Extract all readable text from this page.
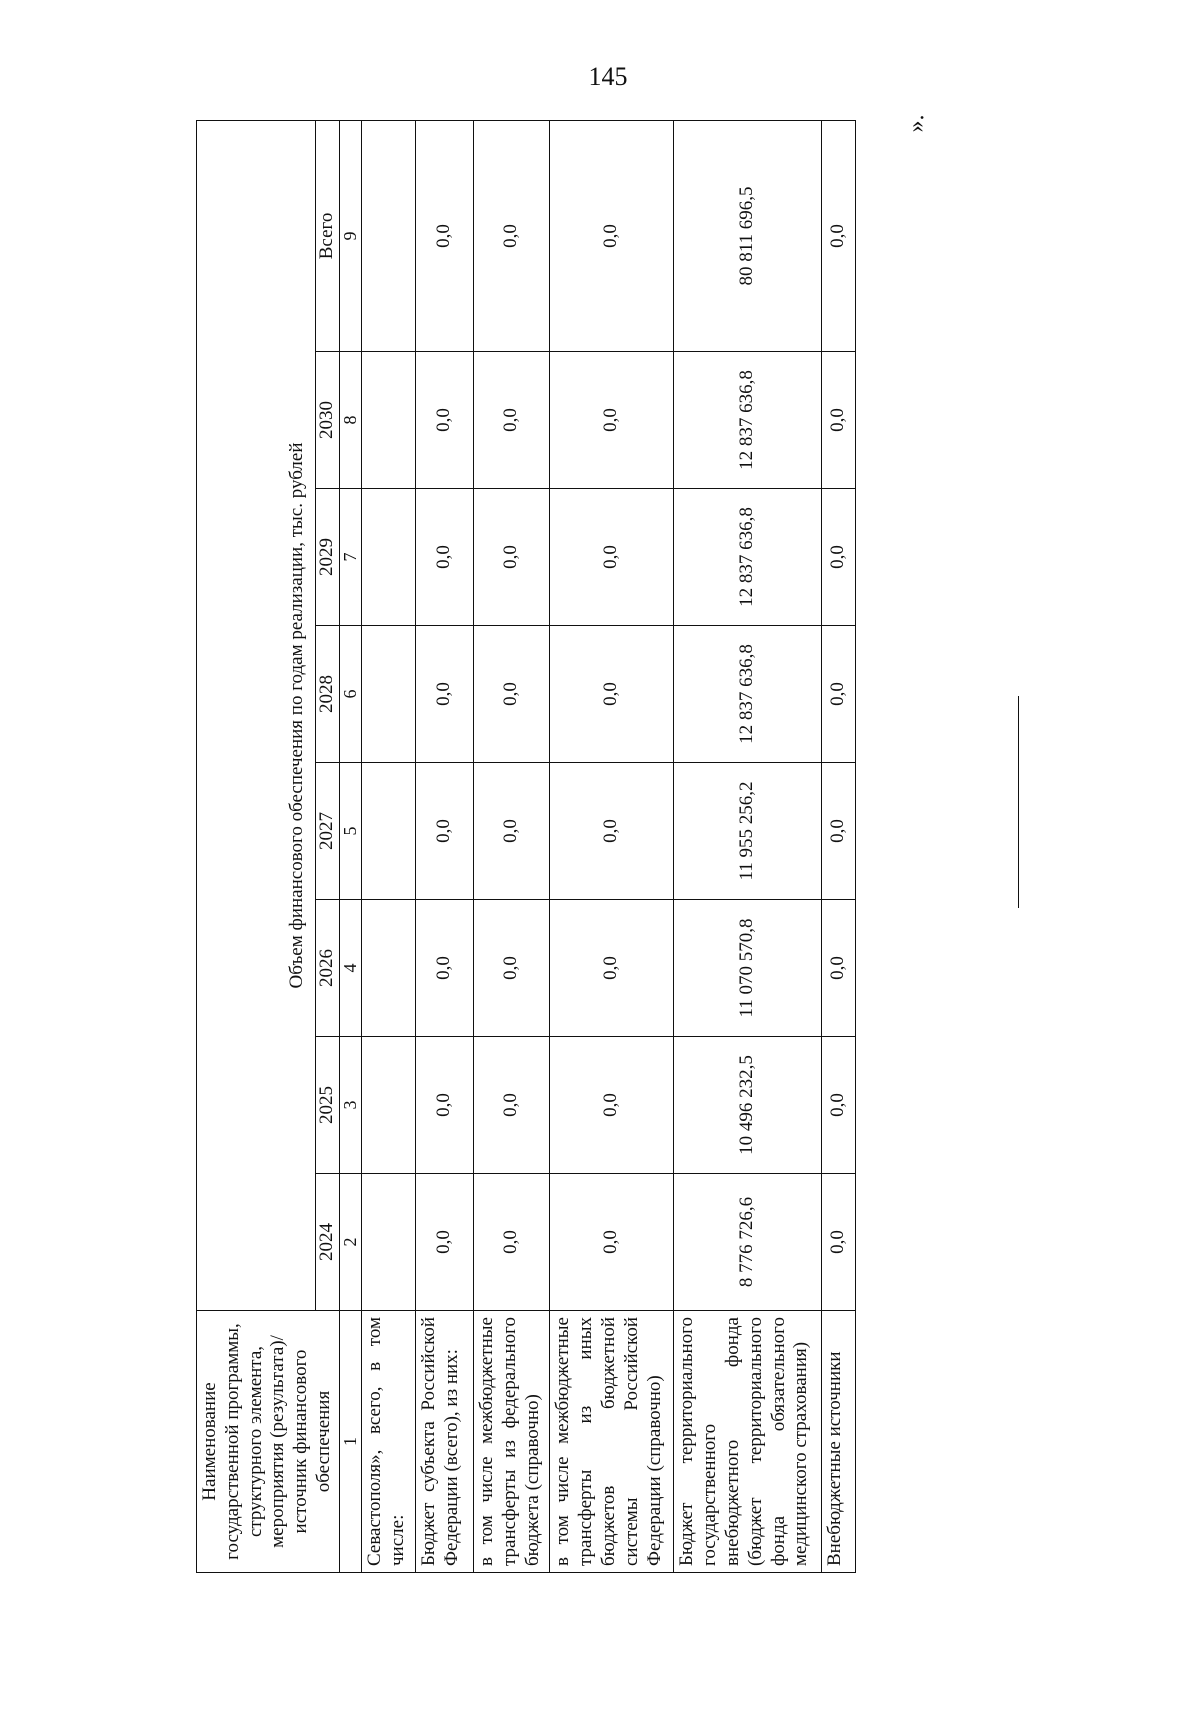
145
Наименование государственной программы, структурного элемента, мероприятия (результата)/источник финансового обеспечения	Объем финансового обеспечения по годам реализации, тыс. рублей							
	2024	2025	2026	2027	2028	2029	2030	Всего
1	2	3	4	5	6	7	8	9
Севастополя», всего, в том числе:								
Бюджет субъекта Российской Федерации (всего), из них:	0,0	0,0	0,0	0,0	0,0	0,0	0,0	0,0
в том числе межбюджетные трансферты из федерального бюджета (справочно)	0,0	0,0	0,0	0,0	0,0	0,0	0,0	0,0
в том числе межбюджетные трансферты из иных бюджетов бюджетной системы Российской Федерации (справочно)	0,0	0,0	0,0	0,0	0,0	0,0	0,0	0,0
Бюджет территориального государственного внебюджетного фонда (бюджет территориального фонда обязательного медицинского страхования)	8 776 726,6	10 496 232,5	11 070 570,8	11 955 256,2	12 837 636,8	12 837 636,8	12 837 636,8	80 811 696,5
Внебюджетные источники	0,0	0,0	0,0	0,0	0,0	0,0	0,0	0,0
».
